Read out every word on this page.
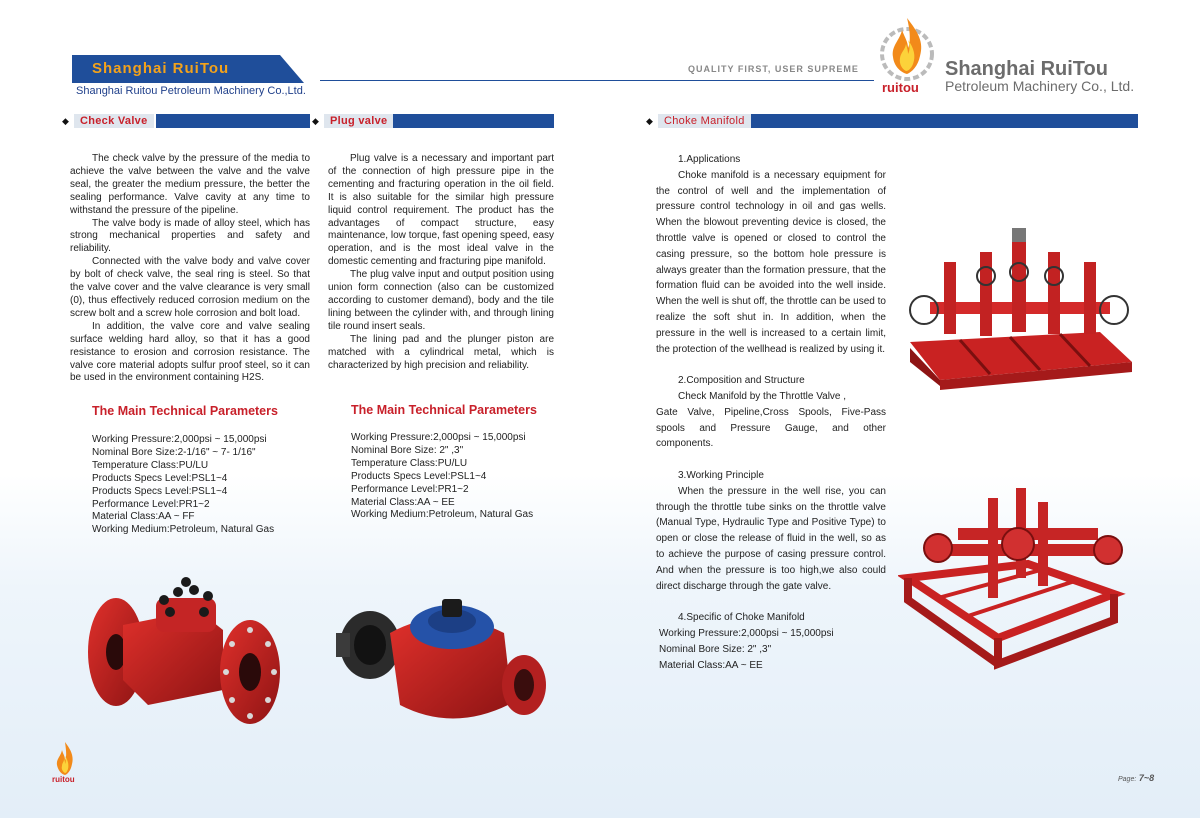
Shanghai RuiTou
Shanghai Ruitou Petroleum Machinery Co.,Ltd.
QUALITY FIRST, USER SUPREME
ruitou
Shanghai RuiTou
Petroleum Machinery Co., Ltd.
◆	Check Valve	◆	Plug valve	◆	Choke Manifold

The check valve by the pressure of the media to achieve the valve between the valve and the valve seal, the greater the medium pressure, the better the sealing performance. Valve cavity at any time to withstand the pressure of the pipeline.

The valve body is made of alloy steel, which has strong mechanical properties and safety and reliability.

Connected with the valve body and valve cover by bolt of check valve, the seal ring is steel. So that the valve cover and the valve clearance is very small (0), thus effectively reduced corrosion medium on the screw bolt and a screw hole corrosion and bolt load.

In addition, the valve core and valve sealing surface welding hard alloy, so that it has a good resistance to erosion and corrosion resistance. The valve core material adopts sulfur proof steel, so it can be used in the environment containing H2S.

The Main Technical Parameters
Working Pressure:2,000psi ~ 15,000psi
Nominal Bore Size:2-1/16" ~ 7- 1/16"
Temperature Class:PU/LU
Products Specs Level:PSL1~4
Products Specs Level:PSL1~4
Performance Level:PR1~2
Material Class:AA ~ FF
Working Medium:Petroleum, Natural Gas

Plug valve is a necessary and important part of the connection of high pressure pipe in the cementing and fracturing operation in the oil field. It is also suitable for the similar high pressure liquid control requirement. The product has the advantages of compact structure, easy maintenance, low torque, fast opening speed, easy operation, and is the most ideal valve in the domestic cementing and fracturing pipe manifold.

The plug valve input and output position using union form connection (also can be customized according to customer demand), body and the tile lining between the cylinder with, and through lining tile round insert seals.

The lining pad and the plunger piston are matched with a cylindrical metal, which is characterized by high precision and reliability.

The Main Technical Parameters
Working Pressure:2,000psi ~ 15,000psi
Nominal Bore Size: 2" ,3"
Temperature Class:PU/LU
Products Specs Level:PSL1~4
Performance Level:PR1~2
Material Class:AA ~ EE
Working Medium:Petroleum, Natural Gas
1.Applications
Choke manifold is a necessary equipment for the control of well and the implementation of pressure control technology in oil and gas wells. When the blowout preventing device is closed, the throttle valve is opened or closed to control the casing pressure, so the bottom hole pressure is always greater than the formation pressure, that the formation fluid can be avoided into the well inside. When the well is shut off, the throttle can be used to realize the soft shut in. In addition, when the pressure in the well is increased to a certain limit, the protection of the wellhead is realized by using it.
2.Composition and Structure
Check Manifold by the Throttle Valve ,
Gate Valve, Pipeline,Cross Spools, Five-Pass spools and Pressure Gauge, and other components.
3.Working Principle
When the pressure in the well rise, you can through the throttle tube sinks on the throttle valve (Manual Type, Hydraulic Type and Positive Type) to open or close the release of fluid in the well, so as to achieve the purpose of casing pressure control. And when the pressure is too high,we also could direct discharge through the gate valve.
4.Specific of Choke Manifold
Working Pressure:2,000psi ~ 15,000psi
Nominal Bore Size: 2" ,3"
Material Class:AA ~ EE
ruitou	Page: 7~8
